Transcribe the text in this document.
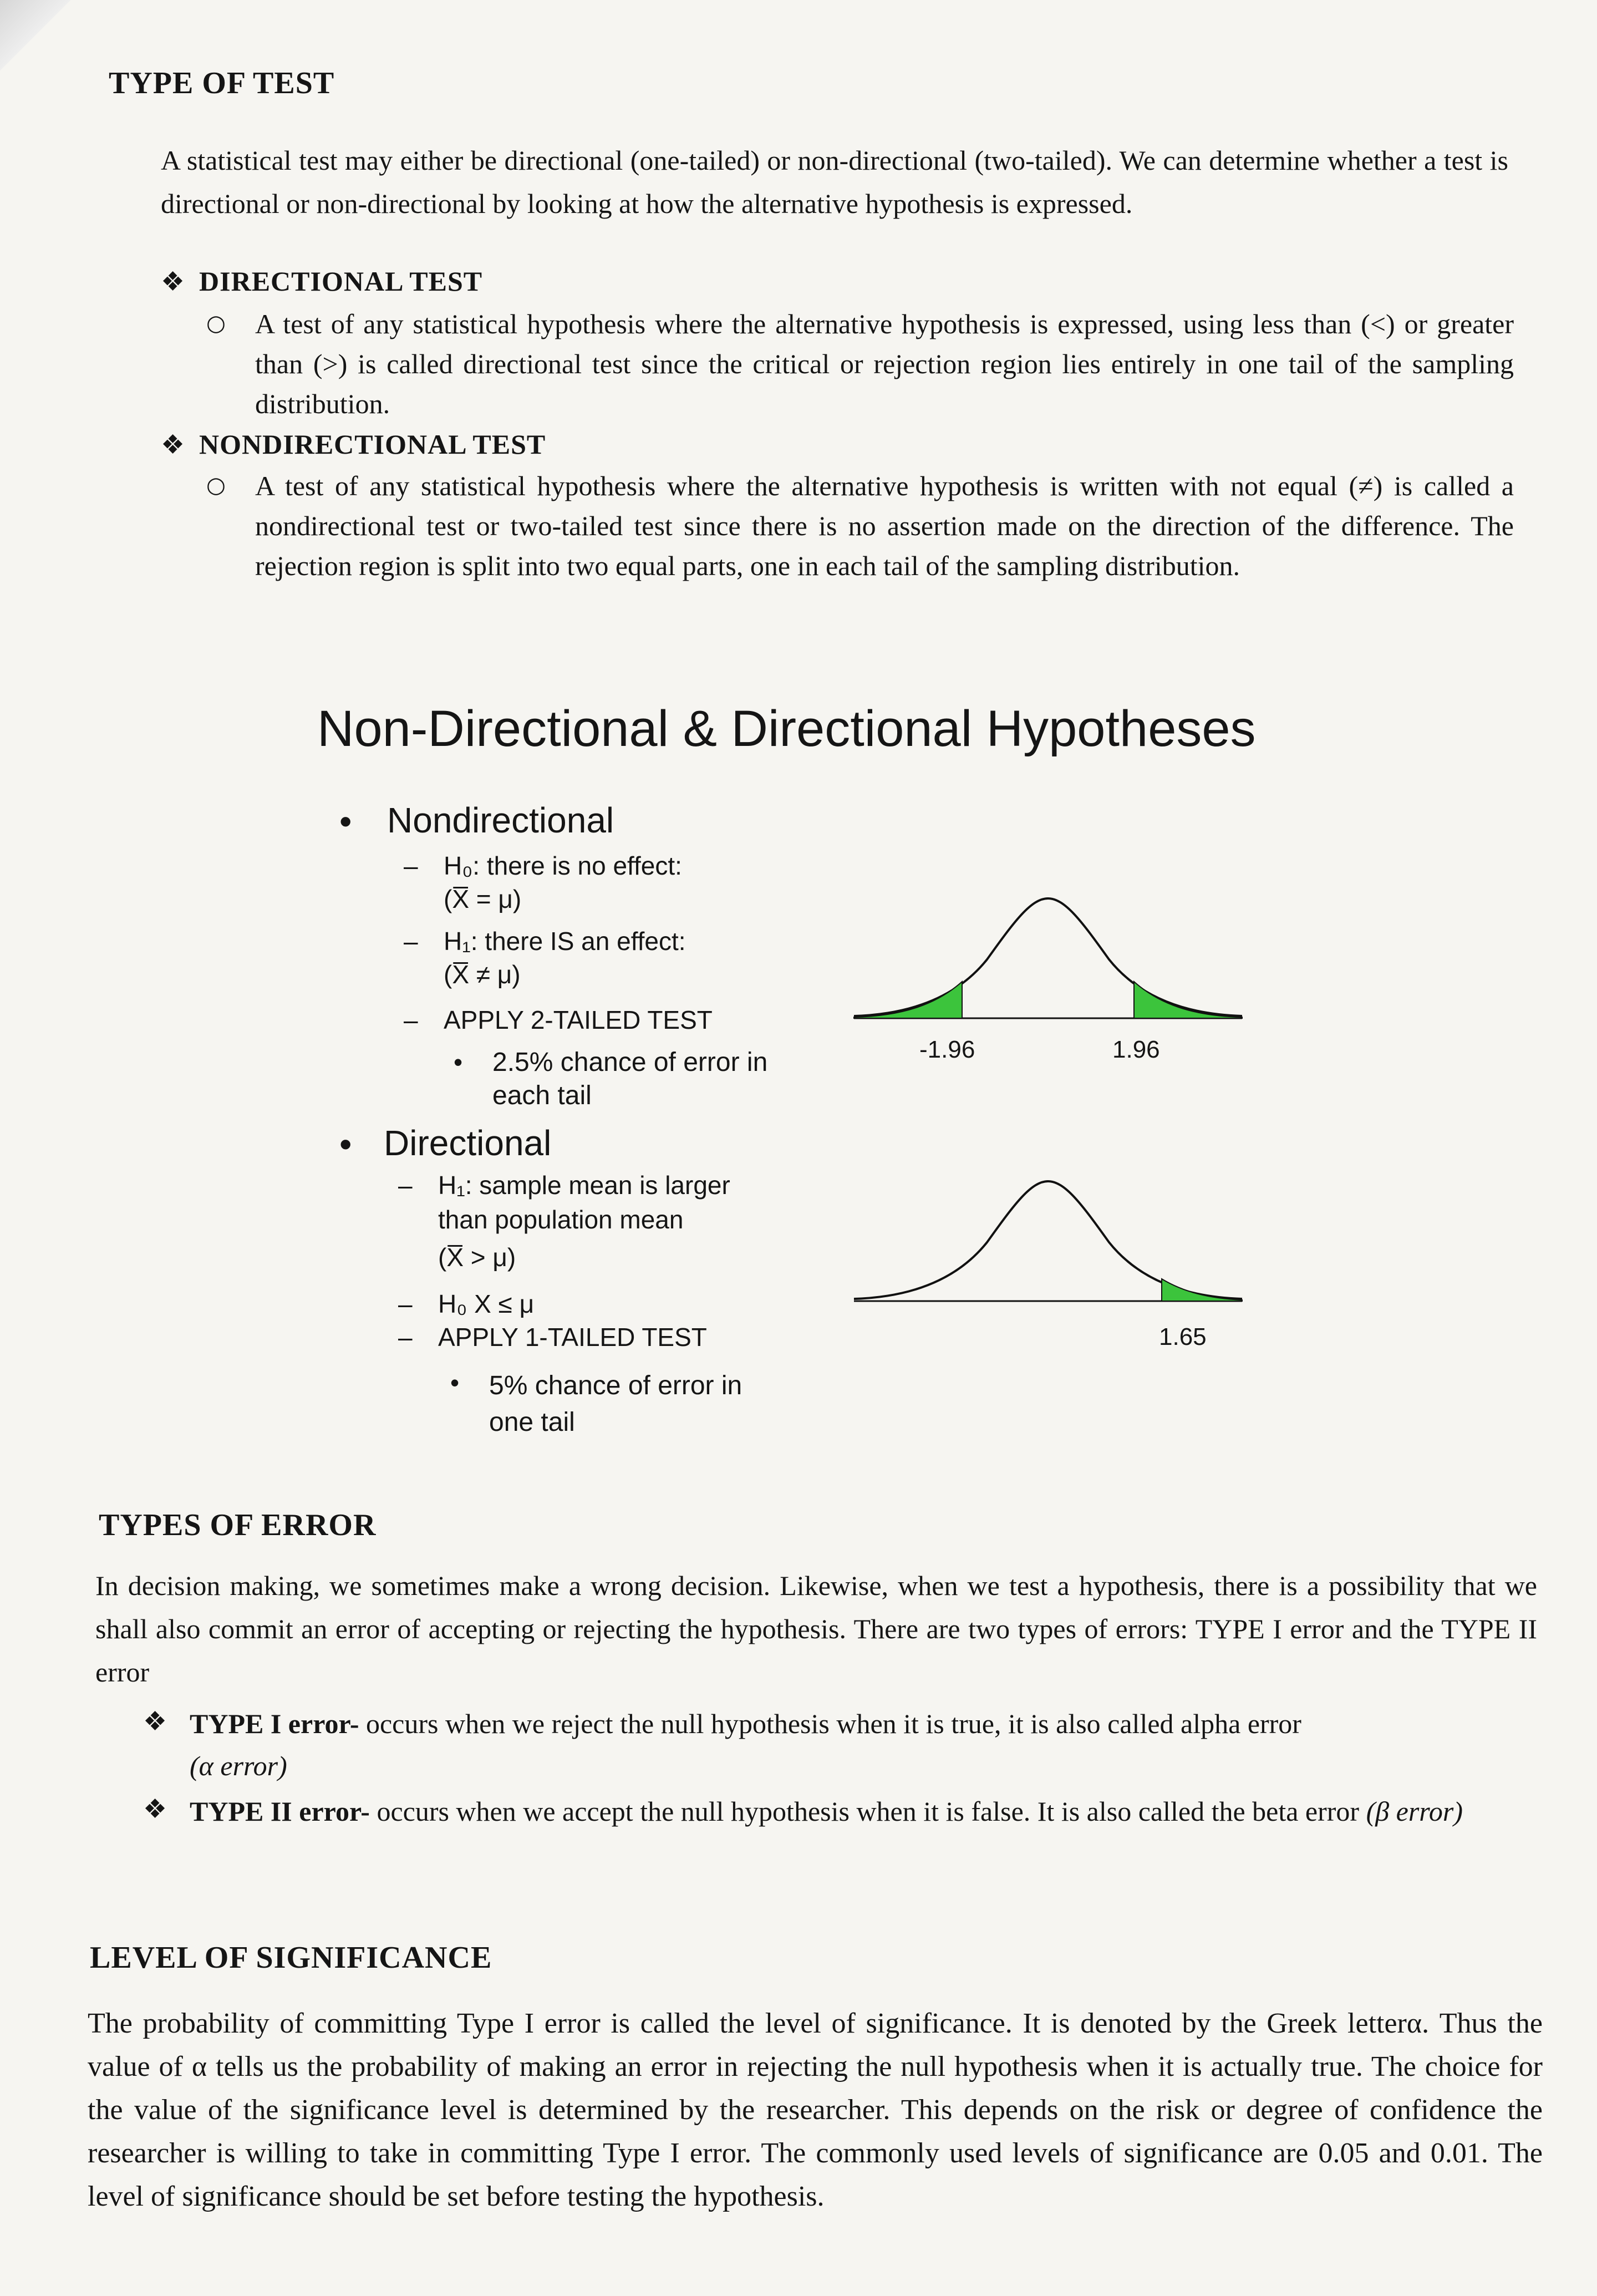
TYPE OF TEST
A statistical test may either be directional (one-tailed) or non-directional (two-tailed). We can determine whether a test is directional or non-directional by looking at how the alternative hypothesis is expressed.
❖ DIRECTIONAL TEST
○ A test of any statistical hypothesis where the alternative hypothesis is expressed, using less than (<) or greater than (>) is called directional test since the critical or rejection region lies entirely in one tail of the sampling distribution.
❖ NONDIRECTIONAL TEST
○ A test of any statistical hypothesis where the alternative hypothesis is written with not equal (≠) is called a nondirectional test or two-tailed test since there is no assertion made on the direction of the difference. The rejection region is split into two equal parts, one in each tail of the sampling distribution.
Non-Directional & Directional Hypotheses
• Nondirectional
– H₀: there is no effect:
(X̅ = μ)
– H₁: there IS an effect:
(X̅ ≠ μ)
– APPLY 2-TAILED TEST
• 2.5% chance of error in each tail
-1.96	1.96
• Directional
– H₁: sample mean is larger
than population mean
(X̅ > μ)
– H₀ X ≤ μ
– APPLY 1-TAILED TEST
• 5% chance of error in one tail
1.65
TYPES OF ERROR
In decision making, we sometimes make a wrong decision. Likewise, when we test a hypothesis, there is a possibility that we shall also commit an error of accepting or rejecting the hypothesis. There are two types of errors: TYPE I error and the TYPE II error
❖ TYPE I error- occurs when we reject the null hypothesis when it is true, it is also called alpha error
(α error)
❖ TYPE II error- occurs when we accept the null hypothesis when it is false. It is also called the beta error (β error)
LEVEL OF SIGNIFICANCE
The probability of committing Type I error is called the level of significance. It is denoted by the Greek letterα. Thus the value of α tells us the probability of making an error in rejecting the null hypothesis when it is actually true. The choice for the value of the significance level is determined by the researcher. This depends on the risk or degree of confidence the researcher is willing to take in committing Type I error. The commonly used levels of significance are 0.05 and 0.01. The level of significance should be set before testing the hypothesis.
